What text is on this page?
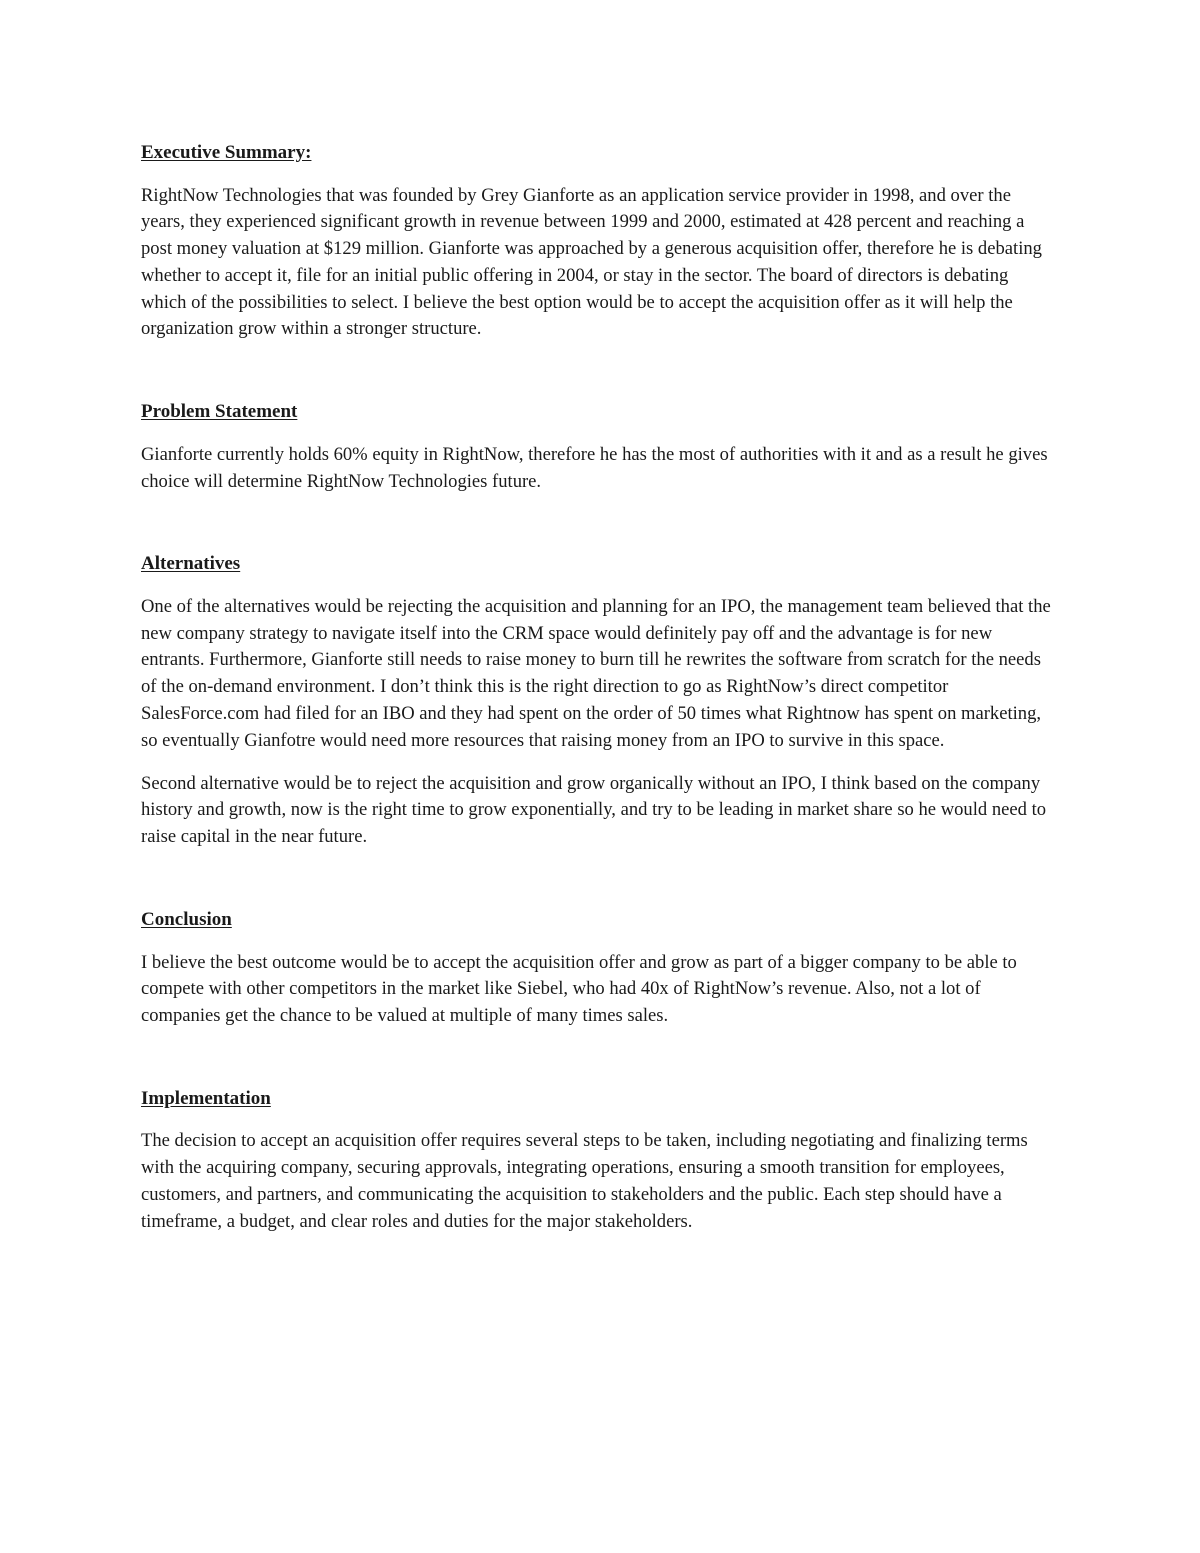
Executive Summary:

RightNow Technologies that was founded by Grey Gianforte as an application service provider in 1998, and over the years, they experienced significant growth in revenue between 1999 and 2000, estimated at 428 percent and reaching a post money valuation at $129 million. Gianforte was approached by a generous acquisition offer, therefore he is debating whether to accept it, file for an initial public offering in 2004, or stay in the sector. The board of directors is debating which of the possibilities to select. I believe the best option would be to accept the acquisition offer as it will help the organization grow within a stronger structure.

Problem Statement

Gianforte currently holds 60% equity in RightNow, therefore he has the most of authorities with it and as a result he gives choice will determine RightNow Technologies future.

Alternatives

One of the alternatives would be rejecting the acquisition and planning for an IPO, the management team believed that the new company strategy to navigate itself into the CRM space would definitely pay off and the advantage is for new entrants. Furthermore, Gianforte still needs to raise money to burn till he rewrites the software from scratch for the needs of the on-demand environment. I don’t think this is the right direction to go as RightNow’s direct competitor SalesForce.com had filed for an IBO and they had spent on the order of 50 times what Rightnow has spent on marketing, so eventually Gianfotre would need more resources that raising money from an IPO to survive in this space.

Second alternative would be to reject the acquisition and grow organically without an IPO, I think based on the company history and growth, now is the right time to grow exponentially, and try to be leading in market share so he would need to raise capital in the near future.

Conclusion

I believe the best outcome would be to accept the acquisition offer and grow as part of a bigger company to be able to compete with other competitors in the market like Siebel, who had 40x of RightNow’s revenue. Also, not a lot of companies get the chance to be valued at multiple of many times sales.

Implementation

The decision to accept an acquisition offer requires several steps to be taken, including negotiating and finalizing terms with the acquiring company, securing approvals, integrating operations, ensuring a smooth transition for employees, customers, and partners, and communicating the acquisition to stakeholders and the public. Each step should have a timeframe, a budget, and clear roles and duties for the major stakeholders.
